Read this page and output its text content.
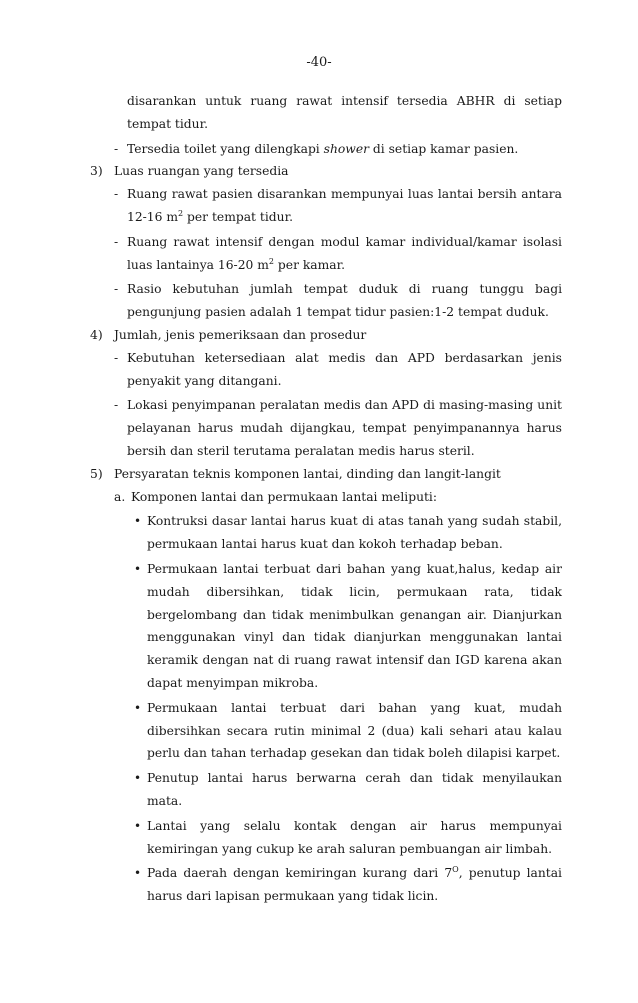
-40-

disarankan untuk ruang rawat intensif tersedia ABHR di setiap tempat tidur.

- Tersedia toilet yang dilengkapi shower di setiap kamar pasien.

3) Luas ruangan yang tersedia

- Ruang rawat pasien disarankan mempunyai luas lantai bersih antara 12-16 $m^2$ per tempat tidur.

- Ruang rawat intensif dengan modul kamar individual/kamar isolasi luas lantainya 16-20 $m^2$ per kamar.

- Rasio kebutuhan jumlah tempat duduk di ruang tunggu bagi pengunjung pasien adalah 1 tempat tidur pasien:1-2 tempat duduk.

4) Jumlah, jenis pemeriksaan dan prosedur

- Kebutuhan ketersediaan alat medis dan APD berdasarkan jenis penyakit yang ditangani.

- Lokasi penyimpanan peralatan medis dan APD di masing-masing unit pelayanan harus mudah dijangkau, tempat penyimpanannya harus bersih dan steril terutama peralatan medis harus steril.

5) Persyaratan teknis komponen lantai, dinding dan langit-langit

a. Komponen lantai dan permukaan lantai meliputi:

• Kontruksi dasar lantai harus kuat di atas tanah yang sudah stabil, permukaan lantai harus kuat dan kokoh terhadap beban.

• Permukaan lantai terbuat dari bahan yang kuat,halus, kedap air mudah dibersihkan, tidak licin, permukaan rata, tidak bergelombang dan tidak menimbulkan genangan air. Dianjurkan menggunakan vinyl dan tidak dianjurkan menggunakan lantai keramik dengan nat di ruang rawat intensif dan IGD karena akan dapat menyimpan mikroba.

• Permukaan lantai terbuat dari bahan yang kuat, mudah dibersihkan secara rutin minimal 2 (dua) kali sehari atau kalau perlu dan tahan terhadap gesekan dan tidak boleh dilapisi karpet.

• Penutup lantai harus berwarna cerah dan tidak menyilaukan mata.

• Lantai yang selalu kontak dengan air harus mempunyai kemiringan yang cukup ke arah saluran pembuangan air limbah.

• Pada daerah dengan kemiringan kurang dari $7^O$, penutup lantai harus dari lapisan permukaan yang tidak licin.
